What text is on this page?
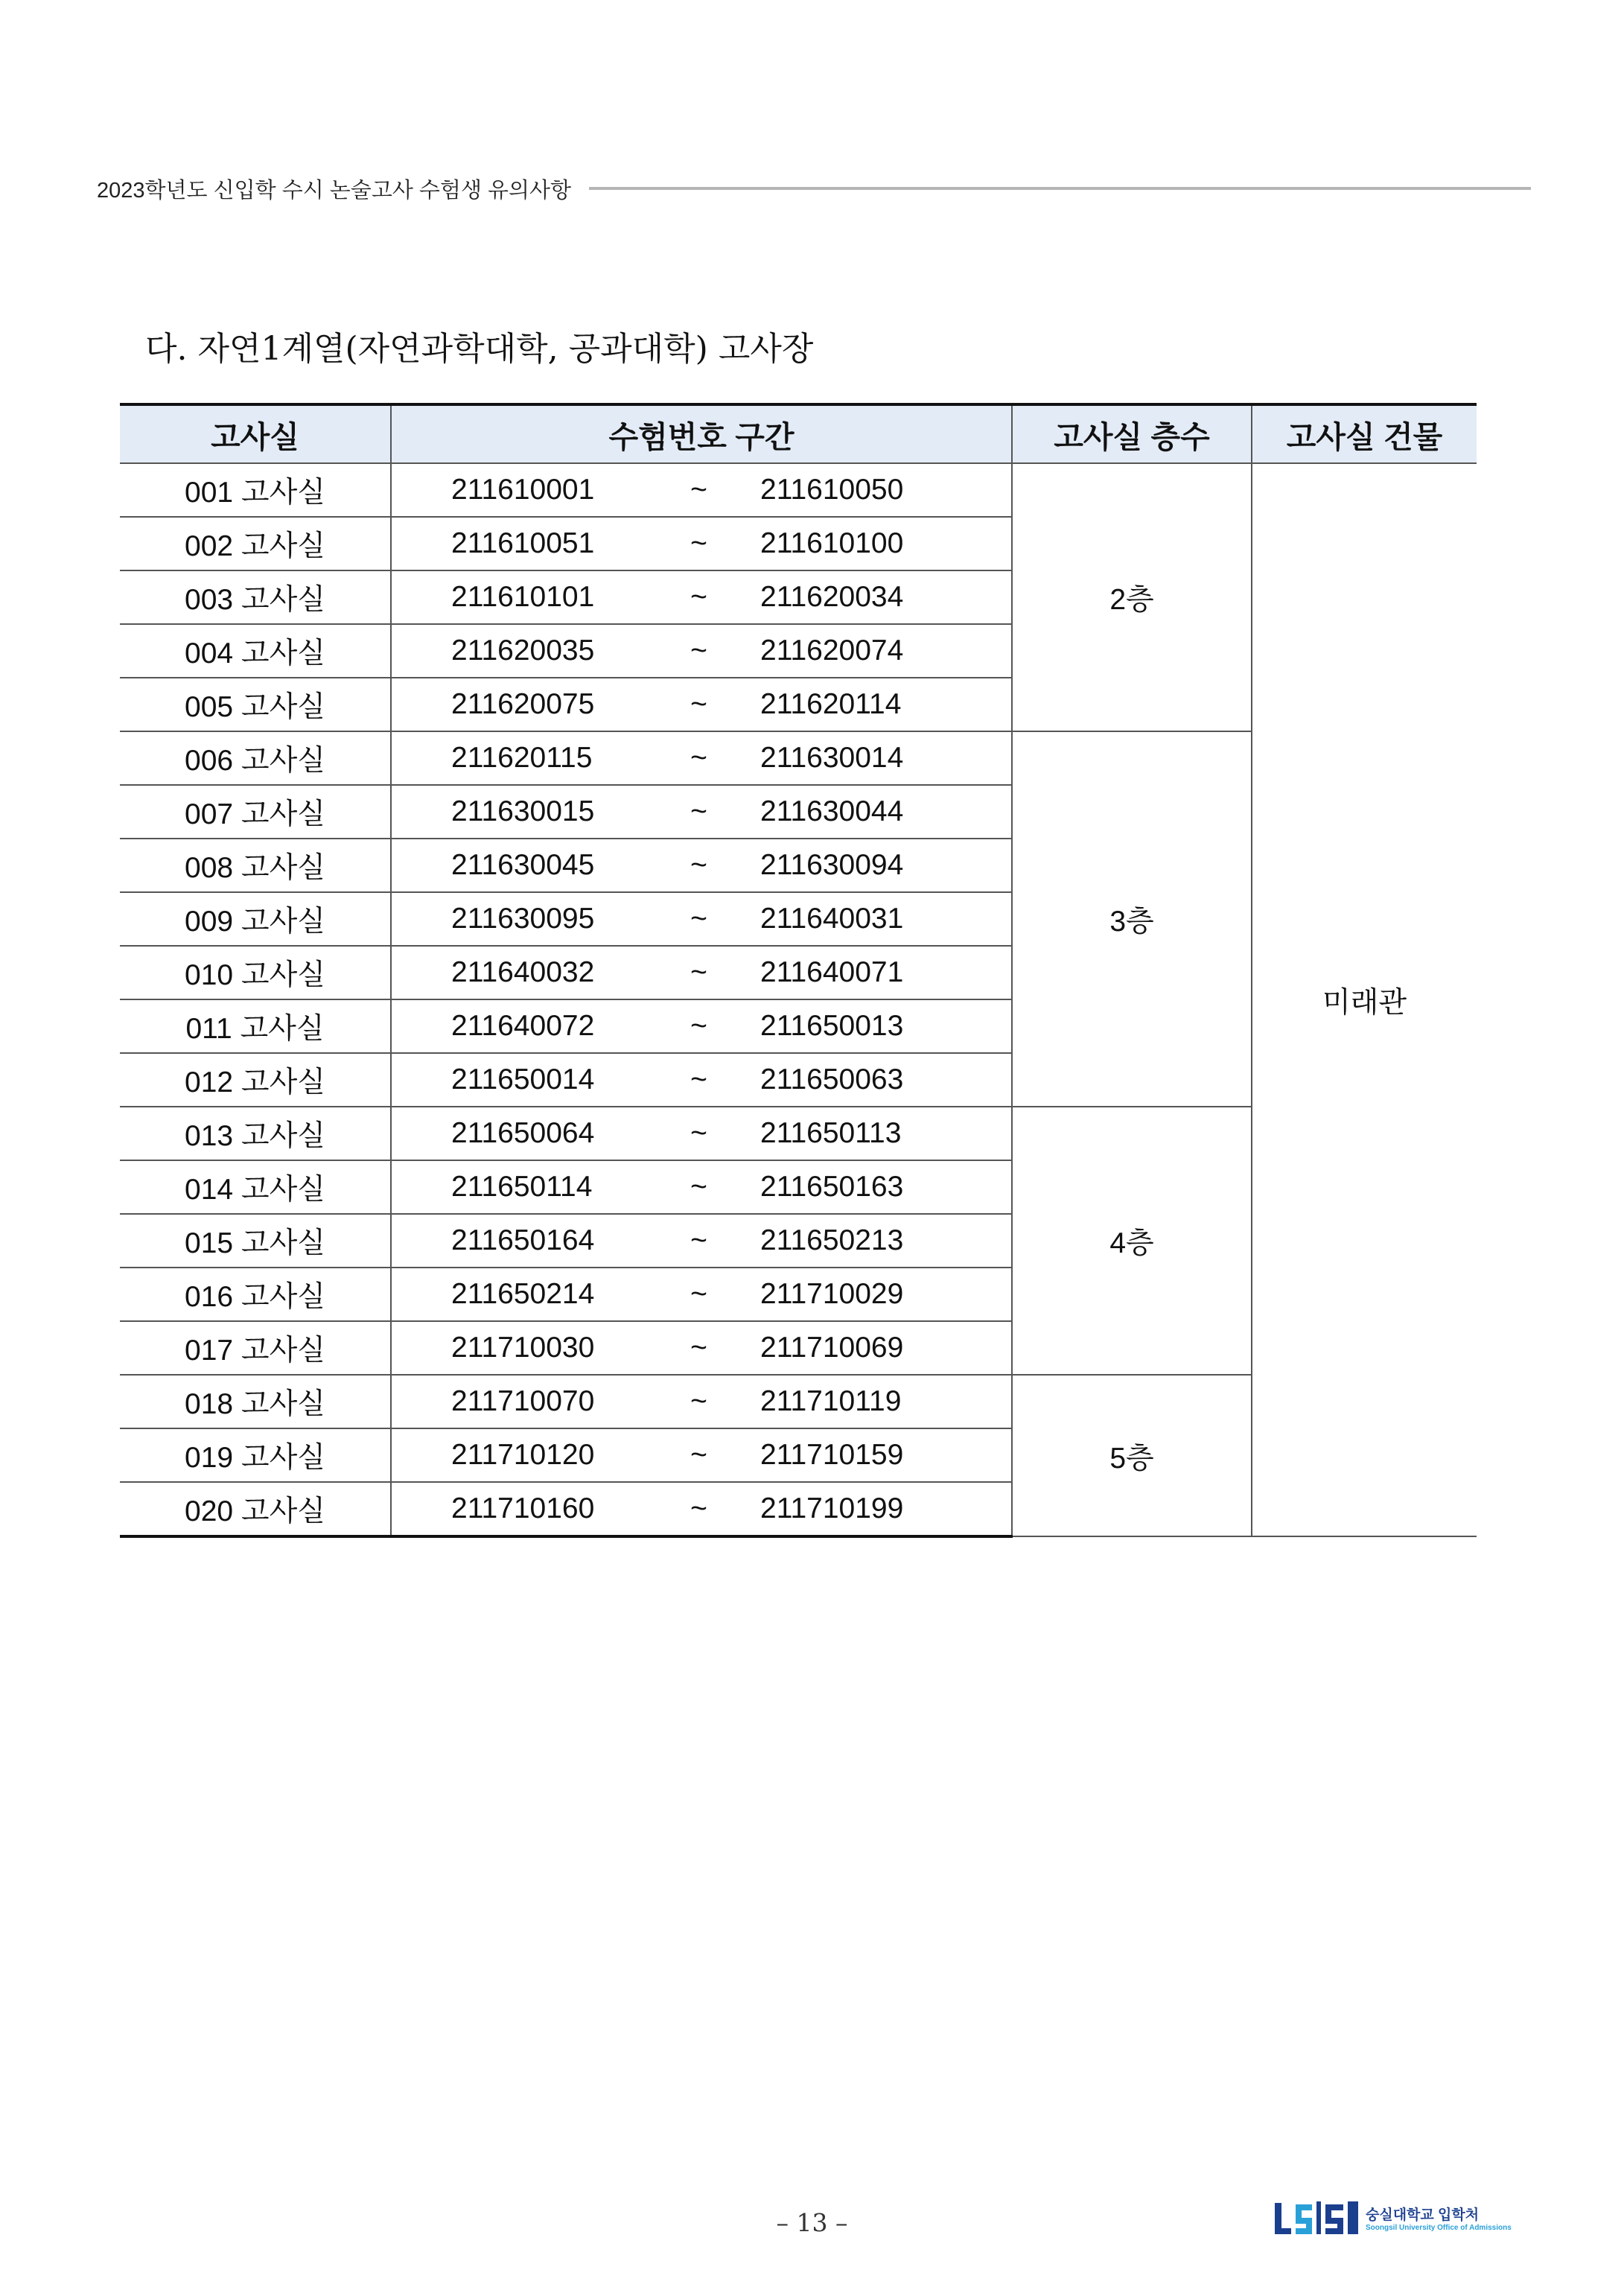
2023학년도 신입학 수시 논술고사 수험생 유의사항
다. 자연1계열(자연과학대학, 공과대학) 고사장
고사실	수험번호 구간	고사실 층수	고사실 건물
001 고사실	211610001 ~ 211610050	2층	미래관
002 고사실	211610051 ~ 211610100		

003 고사실	211610101 ~ 211620034		

004 고사실	211620035 ~ 211620074		

005 고사실	211620075 ~ 211620114		

006 고사실	211620115 ~ 211630014	3층	
007 고사실	211630015 ~ 211630044		

008 고사실	211630045 ~ 211630094		

009 고사실	211630095 ~ 211640031		

010 고사실	211640032 ~ 211640071		

011 고사실	211640072 ~ 211650013		

012 고사실	211650014 ~ 211650063		

013 고사실	211650064 ~ 211650113	4층	
014 고사실	211650114 ~ 211650163		

015 고사실	211650164 ~ 211650213		

016 고사실	211650214 ~ 211710029		

017 고사실	211710030 ~ 211710069		

018 고사실	211710070 ~ 211710119	5층	
019 고사실	211710120 ~ 211710159		

020 고사실	211710160 ~ 211710199		
– 13 –	숭실대학교 입학처
Soongsil University Office of Admissions
